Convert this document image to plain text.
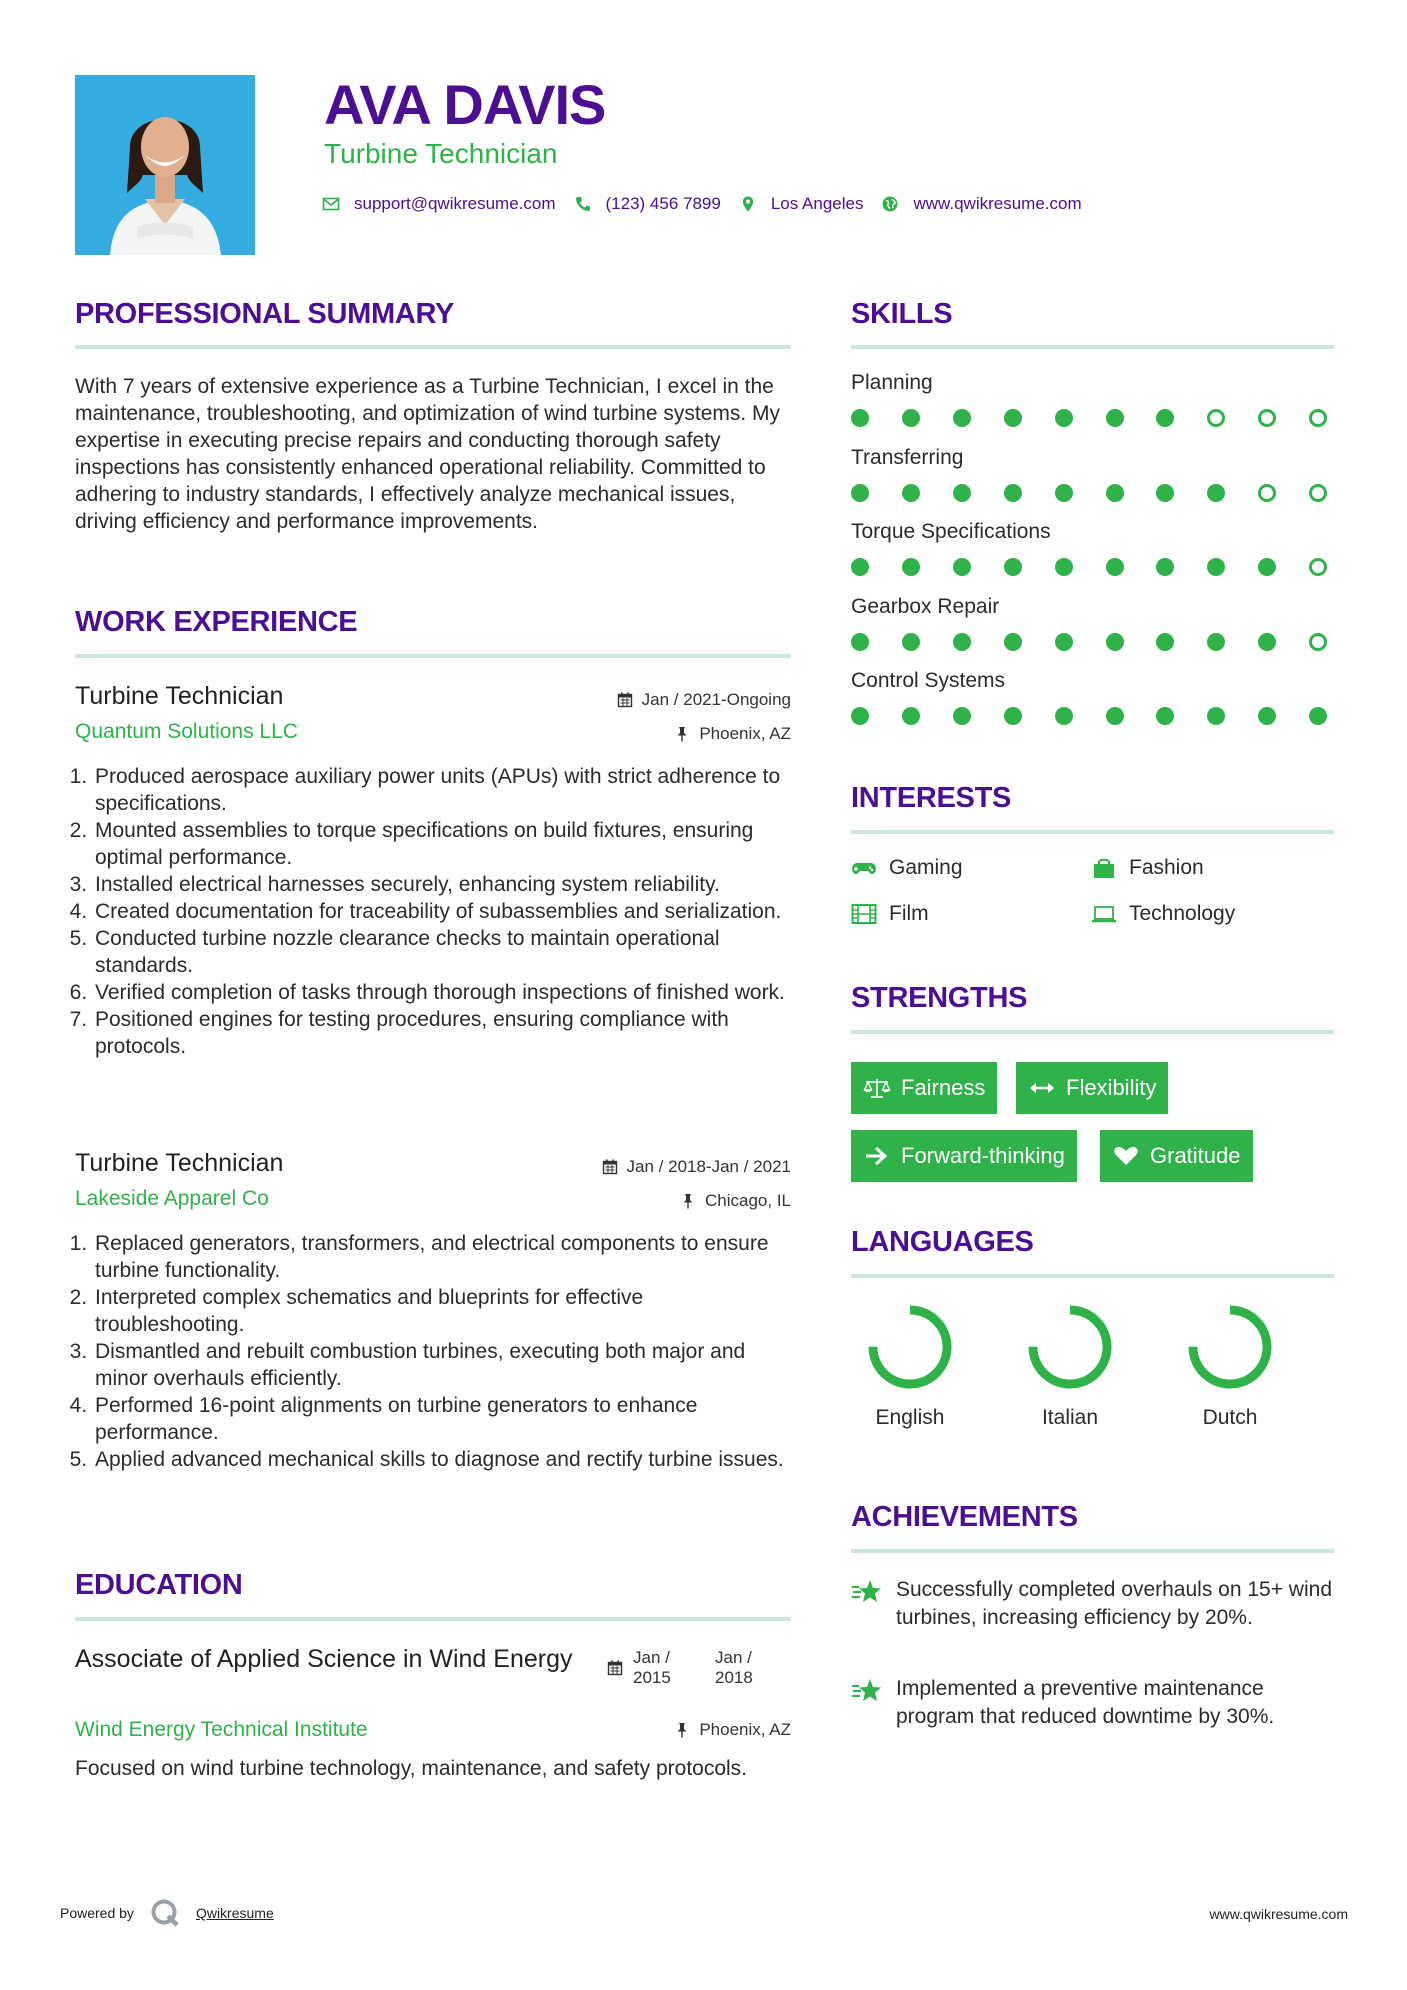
AVA DAVIS

Turbine Technician

support@qwikresume.com	(123) 456 7899	Los Angeles	www.qwikresume.com
PROFESSIONAL SUMMARY

With 7 years of extensive experience as a Turbine Technician, I excel in the maintenance, troubleshooting, and optimization of wind turbine systems. My expertise in executing precise repairs and conducting thorough safety inspections has consistently enhanced operational reliability. Committed to adhering to industry standards, I effectively analyze mechanical issues, driving efficiency and performance improvements.

WORK EXPERIENCE

Turbine Technician

Quantum Solutions LLC

Jan / 2021-Ongoing
Phoenix, AZ
1. Produced aerospace auxiliary power units (APUs) with strict adherence to specifications.
2. Mounted assemblies to torque specifications on build fixtures, ensuring optimal performance.
3. Installed electrical harnesses securely, enhancing system reliability.
4. Created documentation for traceability of subassemblies and serialization.
5. Conducted turbine nozzle clearance checks to maintain operational standards.
6. Verified completion of tasks through thorough inspections of finished work.
7. Positioned engines for testing procedures, ensuring compliance with protocols.

Turbine Technician

Lakeside Apparel Co

Jan / 2018-Jan / 2021
Chicago, IL
1. Replaced generators, transformers, and electrical components to ensure turbine functionality.
2. Interpreted complex schematics and blueprints for effective troubleshooting.
3. Dismantled and rebuilt combustion turbines, executing both major and minor overhauls efficiently.
4. Performed 16-point alignments on turbine generators to enhance performance.
5. Applied advanced mechanical skills to diagnose and rectify turbine issues.
EDUCATION

Associate of Applied Science in Wind Energy

Wind Energy Technical Institute

Jan /
2015
Jan /
2018
Phoenix, AZ

Focused on wind turbine technology, maintenance, and safety protocols.

SKILLS

Planning

Transferring

Torque Specifications

Gearbox Repair

Control Systems

INTERESTS
Gaming	Fashion
Film	Technology
STRENGTHS
Fairness	Flexibility
Forward-thinking	Gratitude
LANGUAGES
English	Italian	Dutch
ACHIEVEMENTS

Successfully completed overhauls on 15+ wind turbines, increasing efficiency by 20%.

Implemented a preventive maintenance program that reduced downtime by 30%.

Powered by	Qwikresume	www.qwikresume.com
